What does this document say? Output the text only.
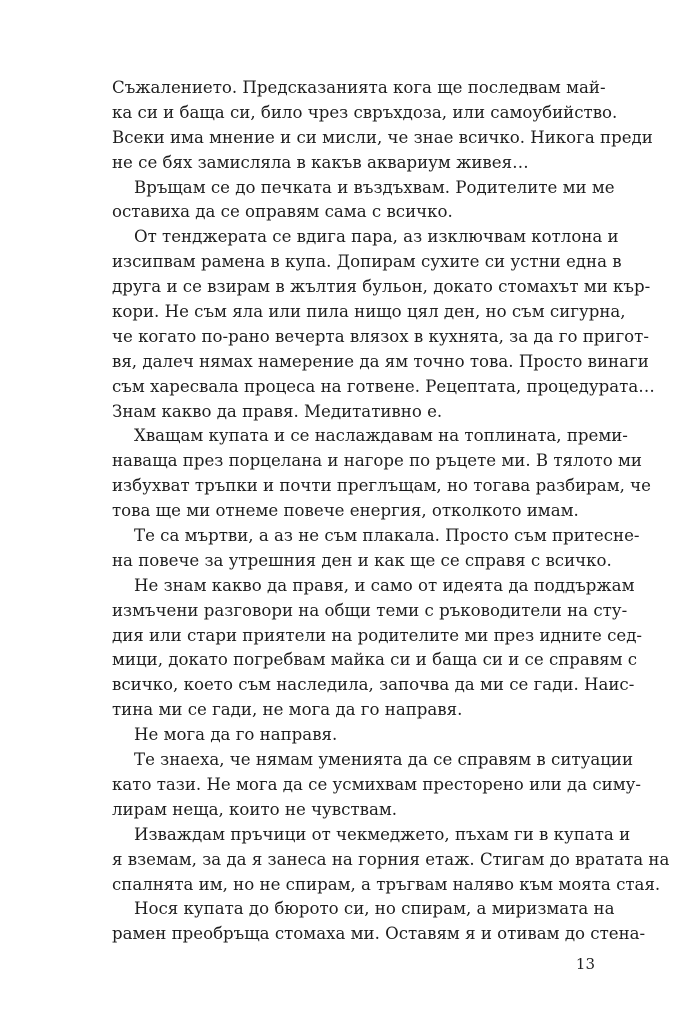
Съжалението. Предсказанията кога ще последвам май-
ка си и баща си, било чрез свръхдоза, или самоубийство.
Всеки има мнение и си мисли, че знае всичко. Никога преди
не се бях замисляла в какъв аквариум живея…
Връщам се до печката и въздъхвам. Родителите ми ме
оставиха да се оправям сама с всичко.
От тенджерата се вдига пара, аз изключвам котлона и
изсипвам рамена в купа. Допирам сухите си устни една в
друга и се взирам в жълтия бульон, докато стомахът ми кър-
кори. Не съм яла или пила нищо цял ден, но съм сигурна,
че когато по-рано вечерта влязох в кухнята, за да го пригот-
вя, далеч нямах намерение да ям точно това. Просто винаги
съм харесвала процеса на готвене. Рецептата, процедурата…
Знам какво да правя. Медитативно е.
Хващам купата и се наслаждавам на топлината, преми-
наваща през порцелана и нагоре по ръцете ми. В тялото ми
избухват тръпки и почти преглъщам, но тогава разбирам, че
това ще ми отнеме повече енергия, отколкото имам.
Те са мъртви, а аз не съм плакала. Просто съм притесне-
на повече за утрешния ден и как ще се справя с всичко.
Не знам какво да правя, и само от идеята да поддържам
измъчени разговори на общи теми с ръководители на сту-
дия или стари приятели на родителите ми през идните сед-
мици, докато погребвам майка си и баща си и се справям с
всичко, което съм наследила, започва да ми се гади. Наис-
тина ми се гади, не мога да го направя.
Не мога да го направя.
Те знаеха, че нямам уменията да се справям в ситуации
като тази. Не мога да се усмихвам престорено или да симу-
лирам неща, които не чувствам.
Изваждам пръчици от чекмеджето, пъхам ги в купата и
я вземам, за да я занеса на горния етаж. Стигам до вратата на
спалнята им, но не спирам, а тръгвам наляво към моята стая.
Нося купата до бюрото си, но спирам, а миризмата на
рамен преобръща стомаха ми. Оставям я и отивам до стена-
13
